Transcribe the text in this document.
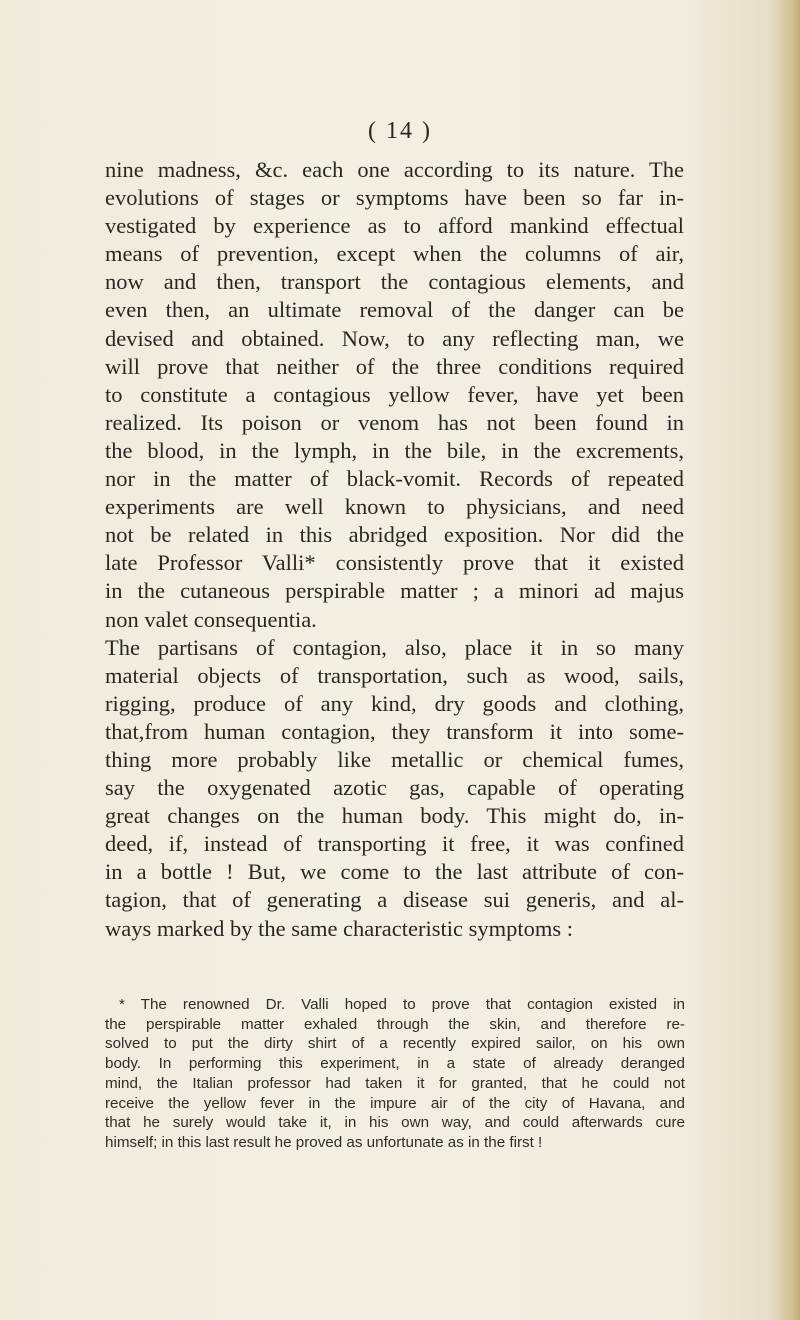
( 14 )
nine madness, &c. each one according to its nature. The
evolutions of stages or symptoms have been so far in-
vestigated by experience as to afford mankind effectual
means of prevention, except when the columns of air,
now and then, transport the contagious elements, and
even then, an ultimate removal of the danger can be
devised and obtained. Now, to any reflecting man, we
will prove that neither of the three conditions required
to constitute a contagious yellow fever, have yet been
realized. Its poison or venom has not been found in
the blood, in the lymph, in the bile, in the excrements,
nor in the matter of black-vomit. Records of repeated
experiments are well known to physicians, and need
not be related in this abridged exposition. Nor did the
late Professor Valli* consistently prove that it existed
in the cutaneous perspirable matter ; a minori ad majus
non valet consequentia.
The partisans of contagion, also, place it in so many
material objects of transportation, such as wood, sails,
rigging, produce of any kind, dry goods and clothing,
that,from human contagion, they transform it into some-
thing more probably like metallic or chemical fumes,
say the oxygenated azotic gas, capable of operating
great changes on the human body. This might do, in-
deed, if, instead of transporting it free, it was confined
in a bottle ! But, we come to the last attribute of con-
tagion, that of generating a disease sui generis, and al-
ways marked by the same characteristic symptoms :
* The renowned Dr. Valli hoped to prove that contagion existed in
the perspirable matter exhaled through the skin, and therefore re-
solved to put the dirty shirt of a recently expired sailor, on his own
body. In performing this experiment, in a state of already deranged
mind, the Italian professor had taken it for granted, that he could not
receive the yellow fever in the impure air of the city of Havana, and
that he surely would take it, in his own way, and could afterwards cure
himself; in this last result he proved as unfortunate as in the first !
